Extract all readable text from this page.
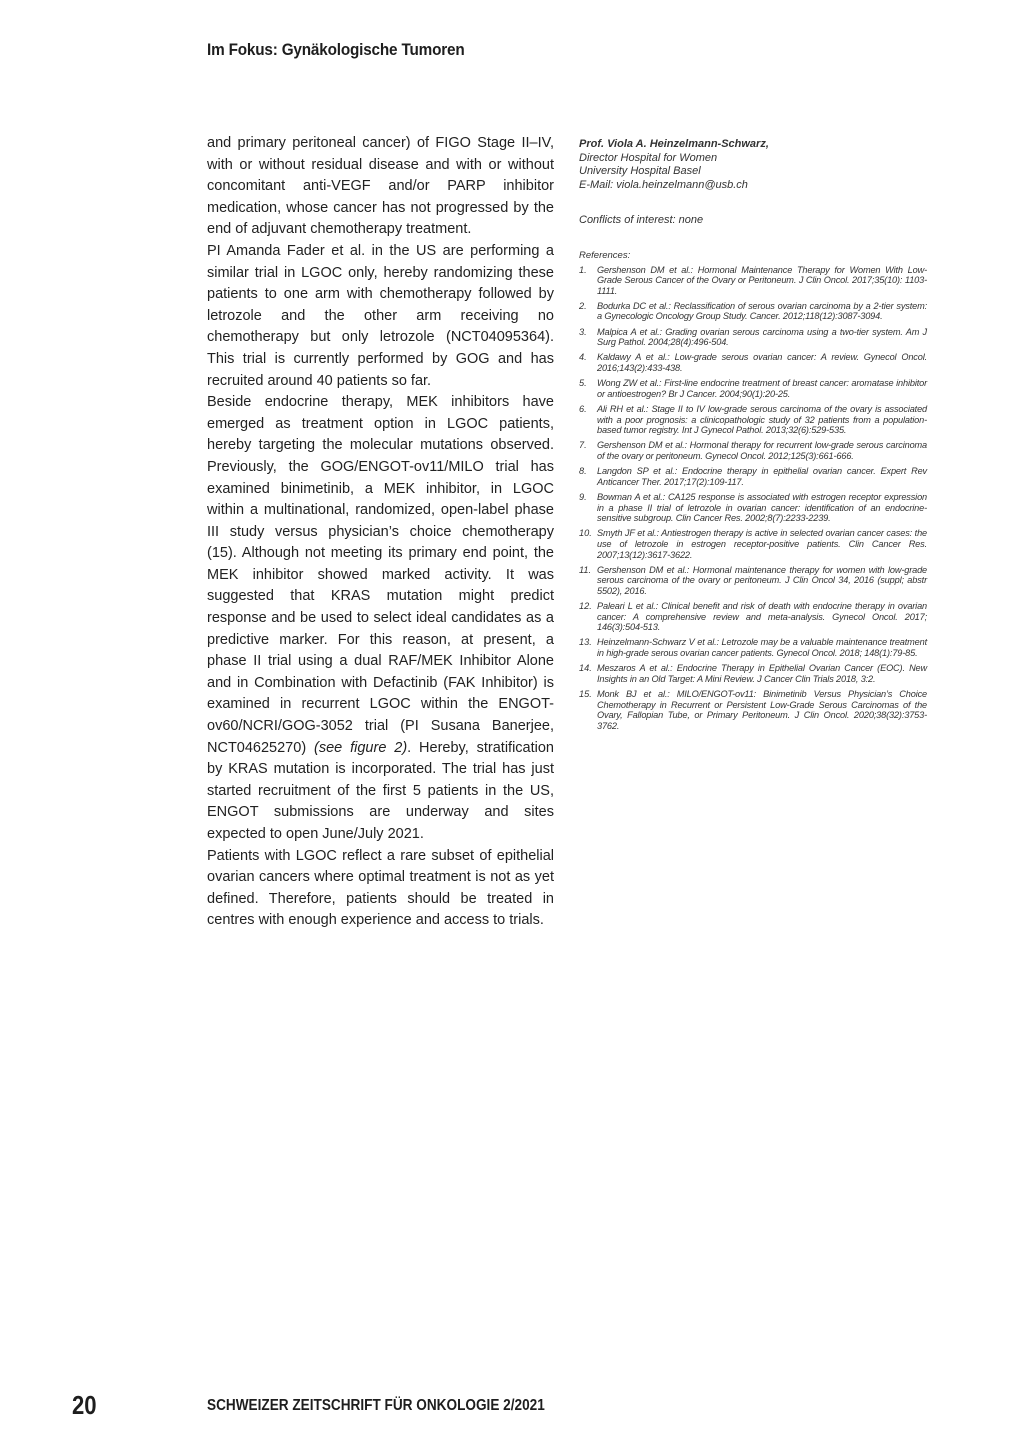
Im Fokus: Gynäkologische Tumoren

and primary peritoneal cancer) of FIGO Stage II–IV, with or without residual disease and with or without concomitant anti-VEGF and/or PARP inhibitor medication, whose cancer has not progressed by the end of adjuvant chemotherapy treatment.

PI Amanda Fader et al. in the US are performing a similar trial in LGOC only, hereby randomizing these patients to one arm with chemotherapy followed by letrozole and the other arm receiving no chemotherapy but only letrozole (NCT04095364). This trial is currently performed by GOG and has recruited around 40 patients so far.

Beside endocrine therapy, MEK inhibitors have emerged as treatment option in LGOC patients, hereby targeting the molecular mutations observed. Previously, the GOG/ENGOT-ov11/MILO trial has examined binimetinib, a MEK inhibitor, in LGOC within a multinational, randomized, open-label phase III study versus physician’s choice chemotherapy (15). Although not meeting its primary end point, the MEK inhibitor showed marked activity. It was suggested that KRAS mutation might predict response and be used to select ideal candidates as a predictive marker. For this reason, at present, a phase II trial using a dual RAF/MEK Inhibitor Alone and in Combination with Defactinib (FAK Inhibitor) is examined in recurrent LGOC within the ENGOT-ov60/NCRI/GOG-3052 trial (PI Susana Banerjee, NCT04625270) (see figure 2). Hereby, stratification by KRAS mutation is incorporated. The trial has just started recruitment of the first 5 patients in the US, ENGOT submissions are underway and sites expected to open June/July 2021.

Patients with LGOC reflect a rare subset of epithelial ovarian cancers where optimal treatment is not as yet defined. Therefore, patients should be treated in centres with enough experience and access to trials.

Prof. Viola A. Heinzelmann-Schwarz,
Director Hospital for Women
University Hospital Basel
E-Mail: viola.heinzelmann@usb.ch
Conflicts of interest: none
References:
1.	Gershenson DM et al.: Hormonal Maintenance Therapy for Women With Low-Grade Serous Cancer of the Ovary or Peritoneum. J Clin Oncol. 2017;35(10): 1103-1111.
2.	Bodurka DC et al.: Reclassification of serous ovarian carcinoma by a 2-tier system: a Gynecologic Oncology Group Study. Cancer. 2012;118(12):3087-3094.
3.	Malpica A et al.: Grading ovarian serous carcinoma using a two-tier system. Am J Surg Pathol. 2004;28(4):496-504.
4.	Kaldawy A et al.: Low-grade serous ovarian cancer: A review. Gynecol Oncol. 2016;143(2):433-438.
5.	Wong ZW et al.: First-line endocrine treatment of breast cancer: aromatase inhibitor or antioestrogen? Br J Cancer. 2004;90(1):20-25.
6.	Ali RH et al.: Stage II to IV low-grade serous carcinoma of the ovary is associated with a poor prognosis: a clinicopathologic study of 32 patients from a population-based tumor registry. Int J Gynecol Pathol. 2013;32(6):529-535.
7.	Gershenson DM et al.: Hormonal therapy for recurrent low-grade serous carcinoma of the ovary or peritoneum. Gynecol Oncol. 2012;125(3):661-666.
8.	Langdon SP et al.: Endocrine therapy in epithelial ovarian cancer. Expert Rev Anticancer Ther. 2017;17(2):109-117.
9.	Bowman A et al.: CA125 response is associated with estrogen receptor expression in a phase II trial of letrozole in ovarian cancer: identification of an endocrine-sensitive subgroup. Clin Cancer Res. 2002;8(7):2233-2239.
10. Smyth JF et al.: Antiestrogen therapy is active in selected ovarian cancer cases: the use of letrozole in estrogen receptor-positive patients. Clin Cancer Res. 2007;13(12):3617-3622.
11. Gershenson DM et al.: Hormonal maintenance therapy for women with low-grade serous carcinoma of the ovary or peritoneum. J Clin Oncol 34, 2016 (suppl; abstr 5502), 2016.
12. Paleari L et al.: Clinical benefit and risk of death with endocrine therapy in ovarian cancer: A comprehensive review and meta-analysis. Gynecol Oncol. 2017; 146(3):504-513.
13. Heinzelmann-Schwarz V et al.: Letrozole may be a valuable maintenance treatment in high-grade serous ovarian cancer patients. Gynecol Oncol. 2018; 148(1):79-85.
14. Meszaros A et al.: Endocrine Therapy in Epithelial Ovarian Cancer (EOC). New Insights in an Old Target: A Mini Review. J Cancer Clin Trials 2018, 3:2.
15. Monk BJ et al.: MILO/ENGOT-ov11: Binimetinib Versus Physician’s Choice Chemotherapy in Recurrent or Persistent Low-Grade Serous Carcinomas of the Ovary, Fallopian Tube, or Primary Peritoneum. J Clin Oncol. 2020;38(32):3753-3762.
20	SCHWEIZER ZEITSCHRIFT FÜR ONKOLOGIE 2/2021
